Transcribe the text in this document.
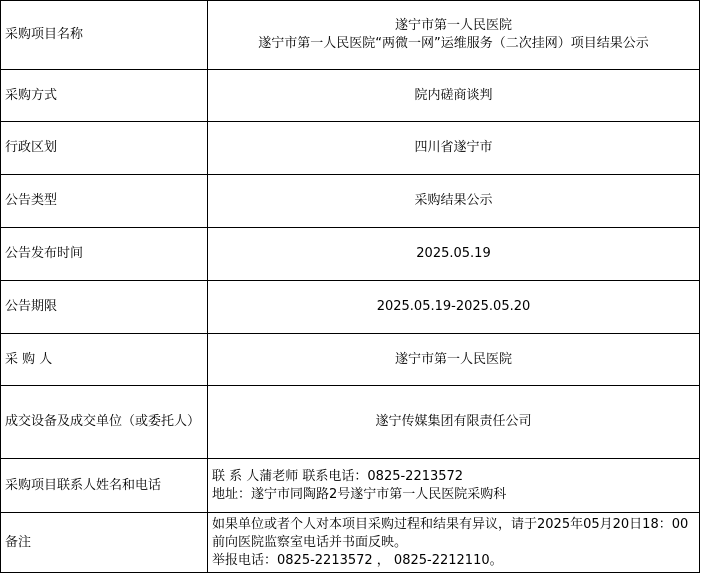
采购项目名称	遂宁市第一人民医院
遂宁市第一人民医院“两微一网”运维服务（二次挂网）项目结果公示

采购方式	院内磋商谈判
行政区划	四川省遂宁市
公告类型	采购结果公示
公告发布时间	2025.05.19
公告期限	2025.05.19-2025.05.20
采 购 人	遂宁市第一人民医院
成交设备及成交单位（或委托人）	遂宁传媒集团有限责任公司
采购项目联系人姓名和电话	联 系 人蒲老师 联系电话：0825-2213572
地址：遂宁市同陶路2号遂宁市第一人民医院采购科

备注	如果单位或者个人对本项目采购过程和结果有异议，请于2025年05月20日18：00前向医院监察室电话并书面反映。
举报电话：0825-2213572 ， 0825-2212110。
